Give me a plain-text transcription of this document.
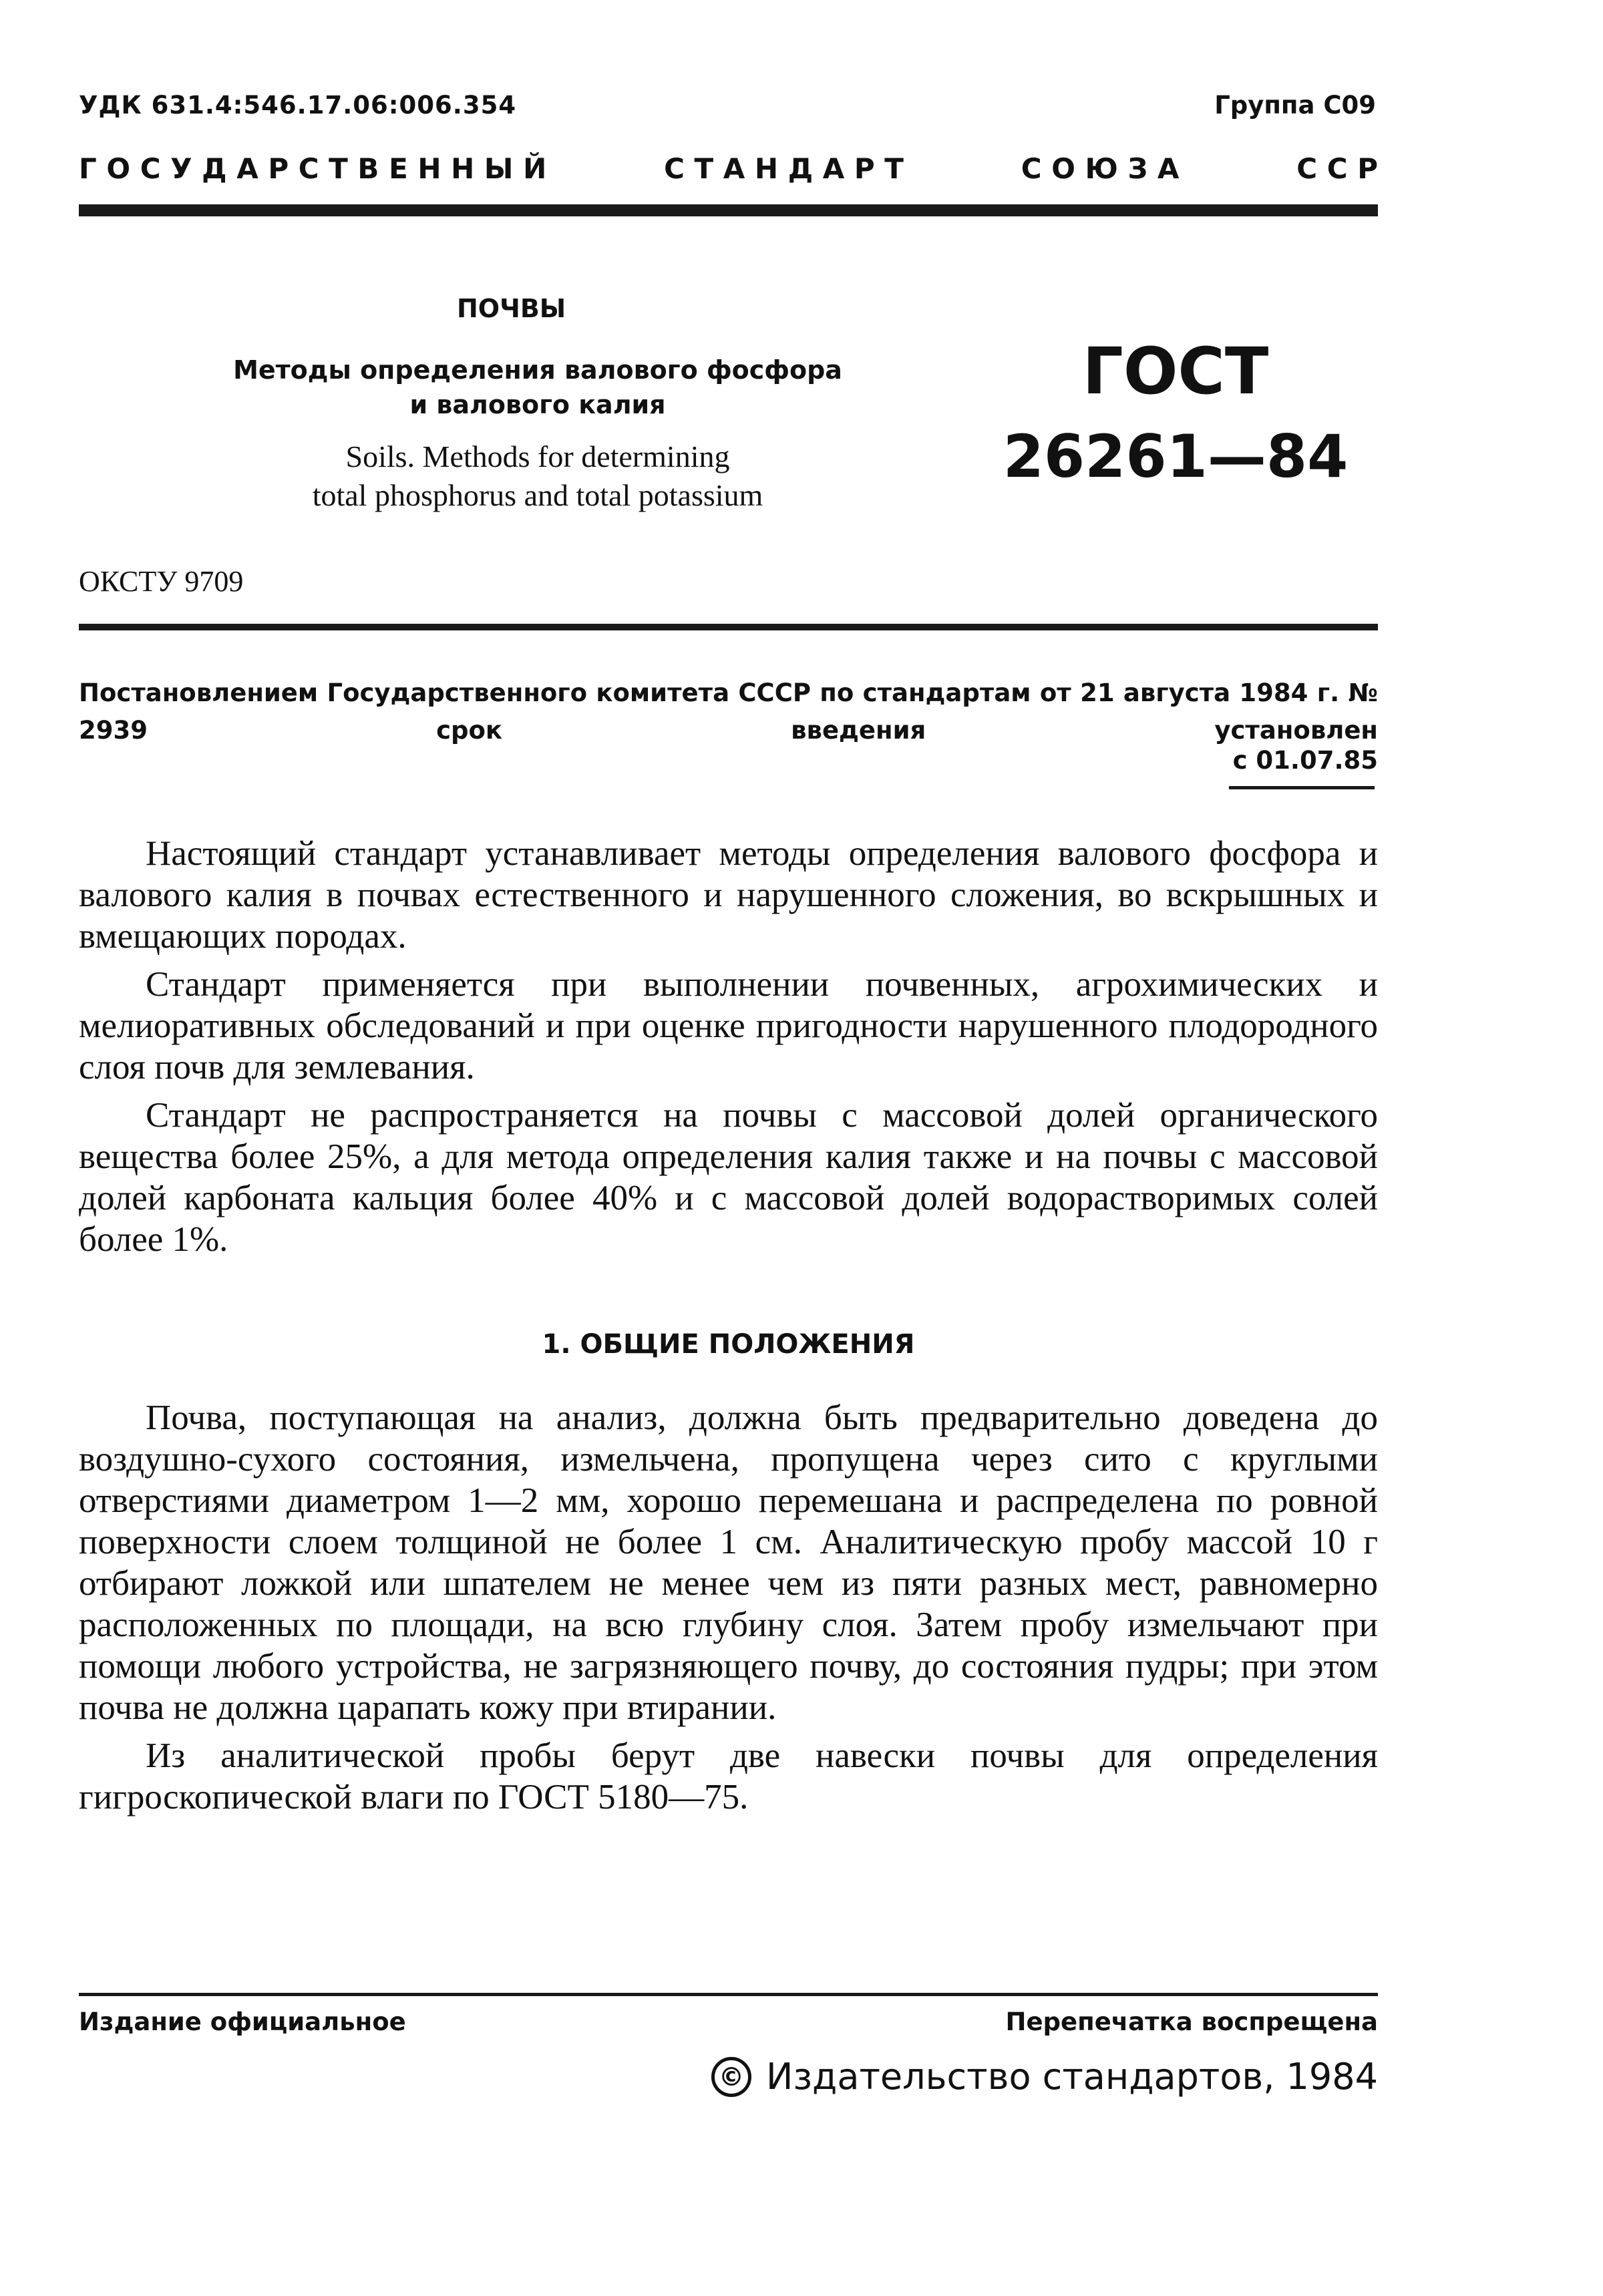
УДК 631.4:546.17.06:006.354	Группа С09
Г О С У Д А Р С Т В Е Н Н Ы Й	С Т А Н Д А Р Т	С О Ю З А	С С Р
ПОЧВЫ
Методы определения валового фосфора
и валового калия
Soils. Methods for determining
total phosphorus and total potassium
ГОСТ
26261—84
ОКСТУ 9709
Постановлением Государственного комитета СССР по стандартам от 21 августа 1984 г. № 2939 срок введения установлен
с 01.07.85

Настоящий стандарт устанавливает методы определения валового фосфора и валового калия в почвах естественного и нарушенного сложения, во вскрышных и вмещающих породах.

Стандарт применяется при выполнении почвенных, агрохимических и мелиоративных обследований и при оценке пригодности нарушенного плодородного слоя почв для землевания.

Стандарт не распространяется на почвы с массовой долей органического вещества более 25%, а для метода определения калия также и на почвы с массовой долей карбоната кальция более 40% и с массовой долей водорастворимых солей более 1%.

1. ОБЩИЕ ПОЛОЖЕНИЯ

Почва, поступающая на анализ, должна быть предварительно доведена до воздушно-сухого состояния, измельчена, пропущена через сито с круглыми отверстиями диаметром 1—2 мм, хорошо перемешана и распределена по ровной поверхности слоем толщиной не более 1 см. Аналитическую пробу массой 10 г отбирают ложкой или шпателем не менее чем из пяти разных мест, равномерно расположенных по площади, на всю глубину слоя. Затем пробу измельчают при помощи любого устройства, не загрязняющего почву, до состояния пудры; при этом почва не должна царапать кожу при втирании.

Из аналитической пробы берут две навески почвы для определения гигроскопической влаги по ГОСТ 5180—75.

Издание официальное	Перепечатка воспрещена
© Издательство стандартов, 1984
